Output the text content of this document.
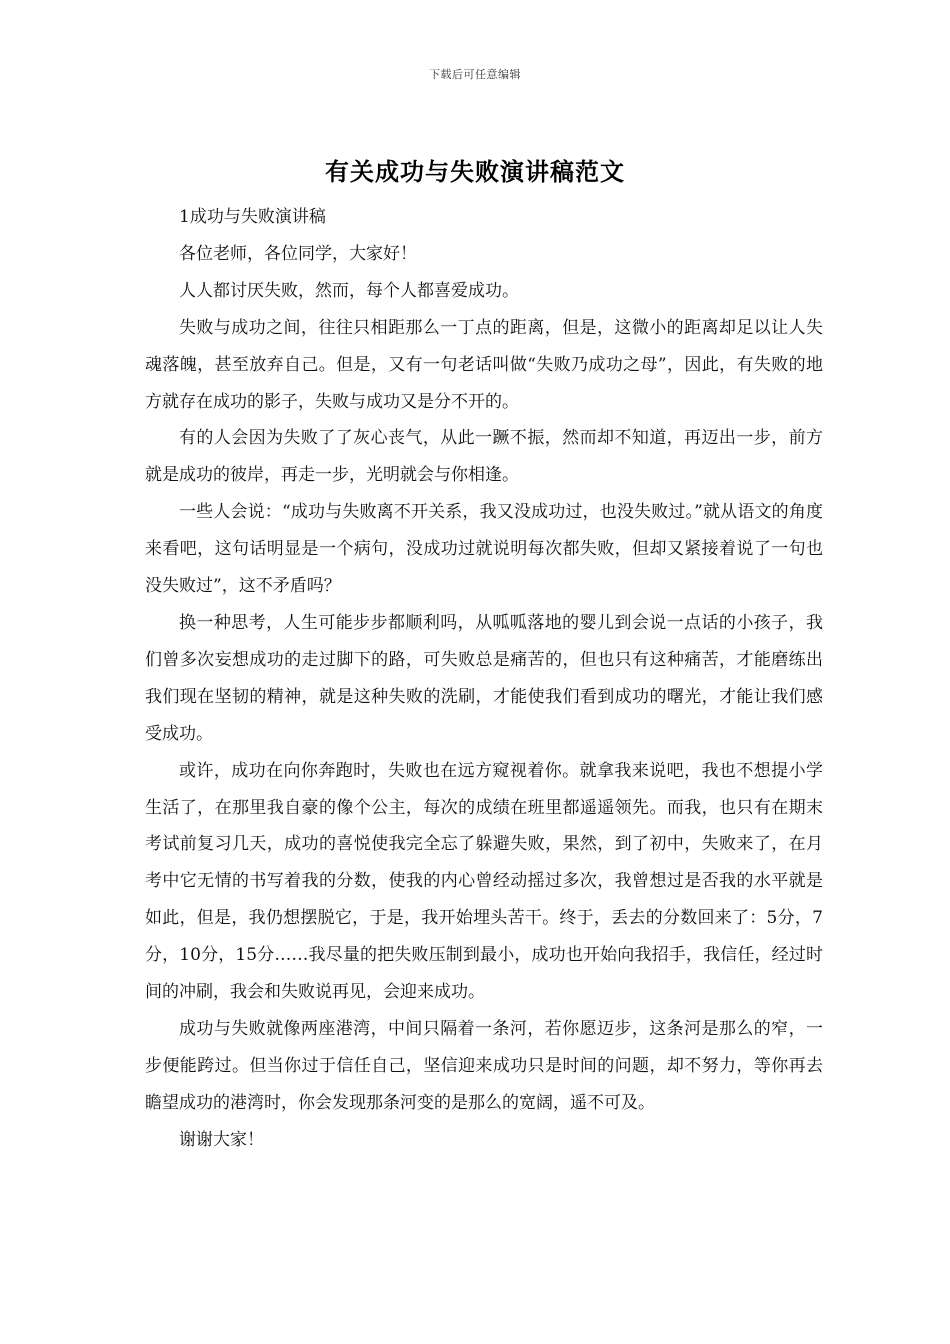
下载后可任意编辑
有关成功与失败演讲稿范文

1成功与失败演讲稿

各位老师，各位同学，大家好！

人人都讨厌失败，然而，每个人都喜爱成功。

失败与成功之间，往往只相距那么一丁点的距离，但是，这微小的距离却足以让人失魂落魄，甚至放弃自己。但是，又有一句老话叫做“失败乃成功之母”，因此，有失败的地方就存在成功的影子，失败与成功又是分不开的。

有的人会因为失败了了灰心丧气，从此一蹶不振，然而却不知道，再迈出一步，前方就是成功的彼岸，再走一步，光明就会与你相逢。

一些人会说：“成功与失败离不开关系，我又没成功过，也没失败过。”就从语文的角度来看吧，这句话明显是一个病句，没成功过就说明每次都失败，但却又紧接着说了一句也没失败过”，这不矛盾吗？

换一种思考，人生可能步步都顺利吗，从呱呱落地的婴儿到会说一点话的小孩子，我们曾多次妄想成功的走过脚下的路，可失败总是痛苦的，但也只有这种痛苦，才能磨练出我们现在坚韧的精神，就是这种失败的洗刷，才能使我们看到成功的曙光，才能让我们感受成功。

或许，成功在向你奔跑时，失败也在远方窥视着你。就拿我来说吧，我也不想提小学生活了，在那里我自豪的像个公主，每次的成绩在班里都遥遥领先。而我，也只有在期末考试前复习几天，成功的喜悦使我完全忘了躲避失败，果然，到了初中，失败来了，在月考中它无情的书写着我的分数，使我的内心曾经动摇过多次，我曾想过是否我的水平就是如此，但是，我仍想摆脱它，于是，我开始埋头苦干。终于，丢去的分数回来了：5分，7分，10分，15分……我尽量的把失败压制到最小，成功也开始向我招手，我信任，经过时间的冲刷，我会和失败说再见，会迎来成功。

成功与失败就像两座港湾，中间只隔着一条河，若你愿迈步，这条河是那么的窄，一步便能跨过。但当你过于信任自己，坚信迎来成功只是时间的问题，却不努力，等你再去瞻望成功的港湾时，你会发现那条河变的是那么的宽阔，遥不可及。

谢谢大家！
